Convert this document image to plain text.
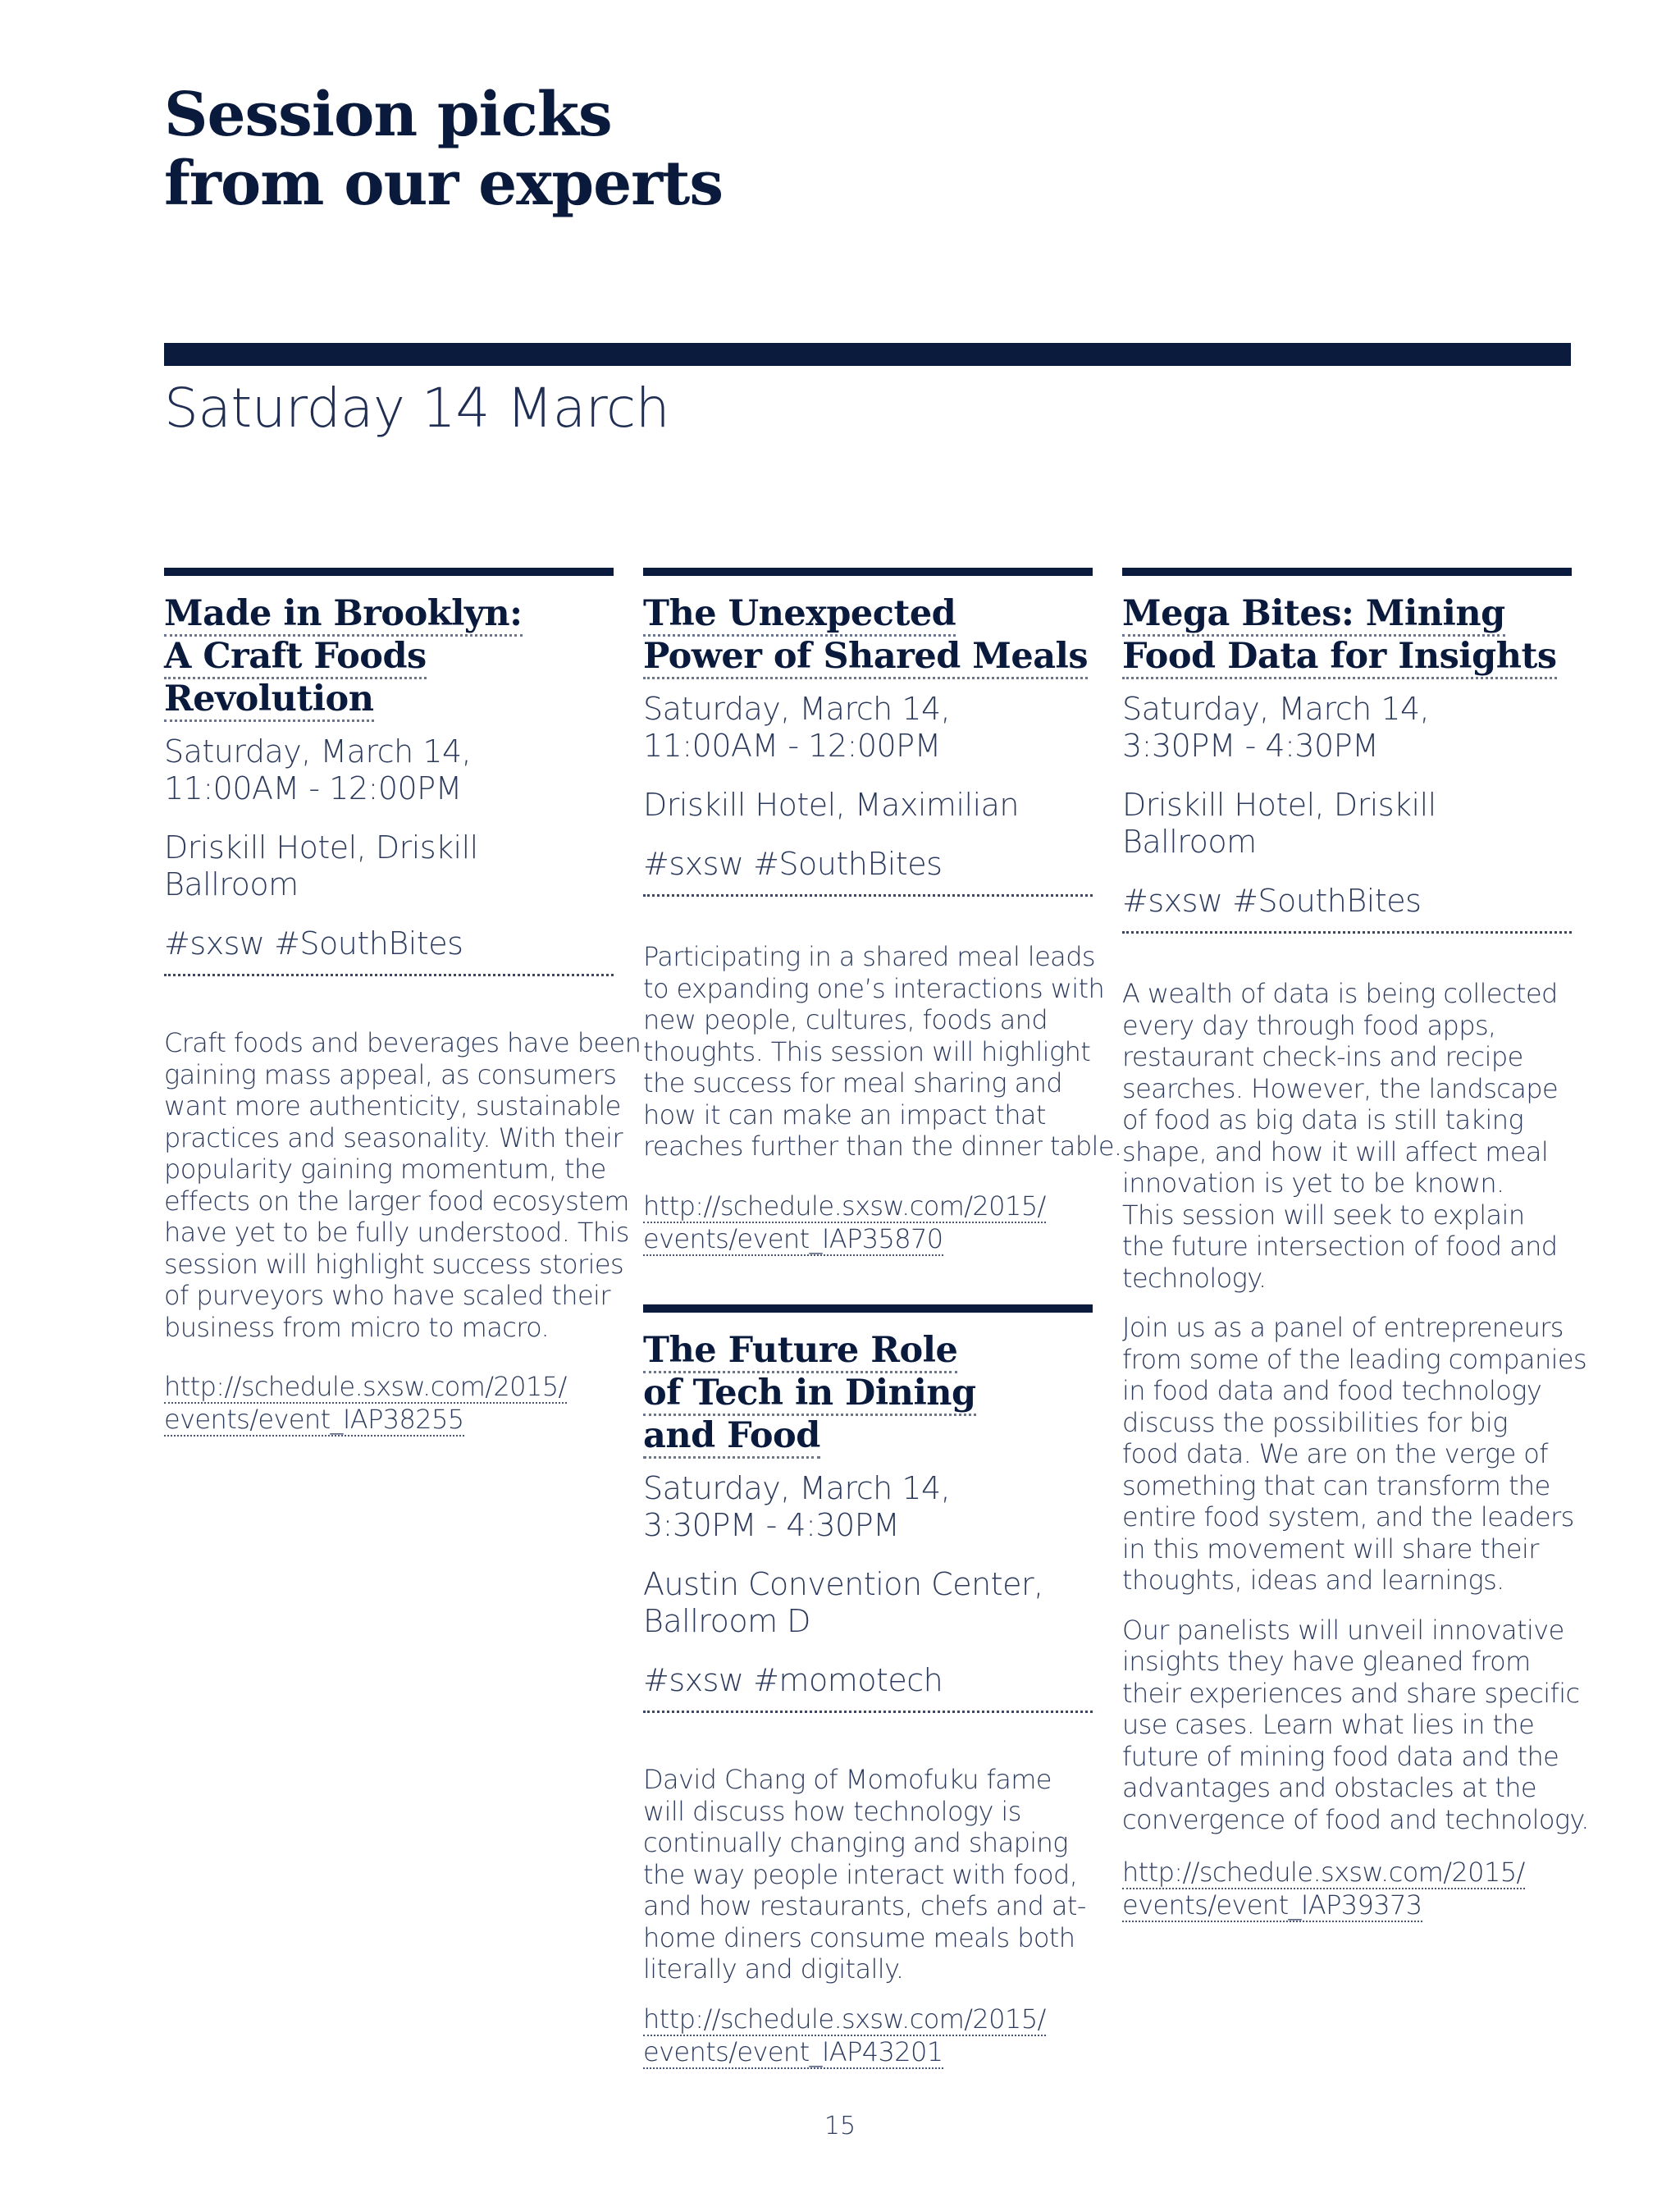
Session picks
from our experts
Saturday 14 March
Made in Brooklyn:
A Craft Foods
Revolution

Saturday, March 14,
11:00AM - 12:00PM

Driskill Hotel, Driskill Ballroom

#sxsw #SouthBites

Craft foods and beverages have been
gaining mass appeal, as consumers
want more authenticity, sustainable
practices and seasonality. With their
popularity gaining momentum, the
effects on the larger food ecosystem
have yet to be fully understood. This
session will highlight success stories
of purveyors who have scaled their
business from micro to macro.

http://schedule.sxsw.com/2015/
events/event_IAP38255
The Unexpected
Power of Shared Meals

Saturday, March 14,
11:00AM - 12:00PM

Driskill Hotel, Maximilian

#sxsw #SouthBites

Participating in a shared meal leads
to expanding one’s interactions with
new people, cultures, foods and
thoughts. This session will highlight
the success for meal sharing and
how it can make an impact that
reaches further than the dinner table.

http://schedule.sxsw.com/2015/
events/event_IAP35870
The Future Role
of Tech in Dining
and Food

Saturday, March 14,
3:30PM - 4:30PM

Austin Convention Center,
Ballroom D

#sxsw #momotech

David Chang of Momofuku fame
will discuss how technology is
continually changing and shaping
the way people interact with food,
and how restaurants, chefs and at-
home diners consume meals both
literally and digitally.

http://schedule.sxsw.com/2015/
events/event_IAP43201
Mega Bites: Mining
Food Data for Insights

Saturday, March 14,
3:30PM - 4:30PM

Driskill Hotel, Driskill Ballroom

#sxsw #SouthBites

A wealth of data is being collected
every day through food apps,
restaurant check-ins and recipe
searches. However, the landscape
of food as big data is still taking
shape, and how it will affect meal
innovation is yet to be known.
This session will seek to explain
the future intersection of food and
technology.

Join us as a panel of entrepreneurs
from some of the leading companies
in food data and food technology
discuss the possibilities for big
food data. We are on the verge of
something that can transform the
entire food system, and the leaders
in this movement will share their
thoughts, ideas and learnings.

Our panelists will unveil innovative
insights they have gleaned from
their experiences and share specific
use cases. Learn what lies in the
future of mining food data and the
advantages and obstacles at the
convergence of food and technology.

http://schedule.sxsw.com/2015/
events/event_IAP39373
15
